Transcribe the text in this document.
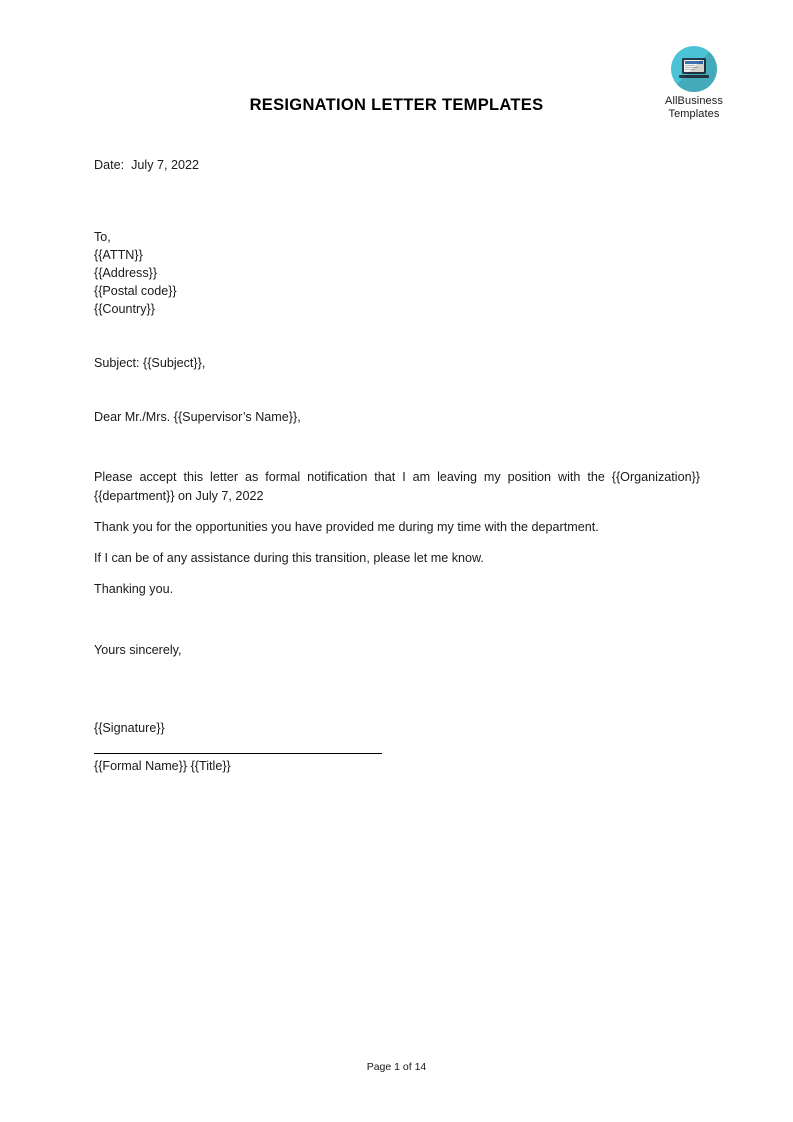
AllBusiness
Templates
RESIGNATION LETTER TEMPLATES
Date:  July 7, 2022
To,
{{ATTN}}
{{Address}}
{{Postal code}}
{{Country}}
Subject: {{Subject}},
Dear Mr./Mrs. {{Supervisor’s Name}},
Please accept this letter as formal notification that I am leaving my position with the {{Organization}} {{department}} on July 7, 2022
Thank you for the opportunities you have provided me during my time with the department.
If I can be of any assistance during this transition, please let me know.
Thanking you.
Yours sincerely,
{{Signature}}
{{Formal Name}} {{Title}}
Page 1 of 14
